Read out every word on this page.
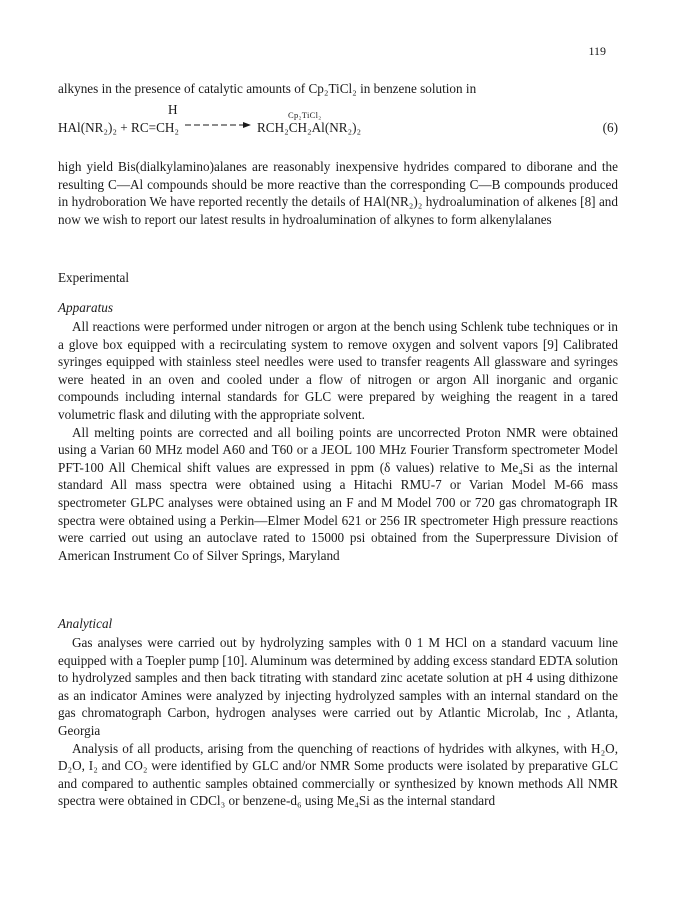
119

alkynes in the presence of catalytic amounts of Cp₂TiCl₂ in benzene solution in

H	Cp₂TiCl₂
HAl(NR₂)₂ + RC=CH₂	RCH₂CH₂Al(NR₂)₂	(6)

high yield Bis(dialkylamino)alanes are reasonably inexpensive hydrides compared to diborane and the resulting C—Al compounds should be more reactive than the corresponding C—B compounds produced in hydroboration We have reported recently the details of HAl(NR₂)₂ hydroalumination of alkenes [8] and now we wish to report our latest results in hydroalumination of alkynes to form alkenylalanes

Experimental
Apparatus

All reactions were performed under nitrogen or argon at the bench using Schlenk tube techniques or in a glove box equipped with a recirculating system to remove oxygen and solvent vapors [9] Calibrated syringes equipped with stainless steel needles were used to transfer reagents All glassware and syringes were heated in an oven and cooled under a flow of nitrogen or argon All inorganic and organic compounds including internal standards for GLC were prepared by weighing the reagent in a tared volumetric flask and diluting with the appropriate solvent.

All melting points are corrected and all boiling points are uncorrected Proton NMR were obtained using a Varian 60 MHz model A60 and T60 or a JEOL 100 MHz Fourier Transform spectrometer Model PFT-100 All Chemical shift values are expressed in ppm (δ values) relative to Me₄Si as the internal standard All mass spectra were obtained using a Hitachi RMU-7 or Varian Model M-66 mass spectrometer GLPC analyses were obtained using an F and M Model 700 or 720 gas chromatograph IR spectra were obtained using a Perkin—Elmer Model 621 or 256 IR spectrometer High pressure reactions were carried out using an autoclave rated to 15000 psi obtained from the Superpressure Division of American Instrument Co of Silver Springs, Maryland

Analytical

Gas analyses were carried out by hydrolyzing samples with 0 1 M HCl on a standard vacuum line equipped with a Toepler pump [10]. Aluminum was determined by adding excess standard EDTA solution to hydrolyzed samples and then back titrating with standard zinc acetate solution at pH 4 using dithizone as an indicator Amines were analyzed by injecting hydrolyzed samples with an internal standard on the gas chromatograph Carbon, hydrogen analyses were carried out by Atlantic Microlab, Inc , Atlanta, Georgia

Analysis of all products, arising from the quenching of reactions of hydrides with alkynes, with H₂O, D₂O, I₂ and CO₂ were identified by GLC and/or NMR Some products were isolated by preparative GLC and compared to authentic samples obtained commercially or synthesized by known methods All NMR spectra were obtained in CDCl₃ or benzene-d₆ using Me₄Si as the internal standard
